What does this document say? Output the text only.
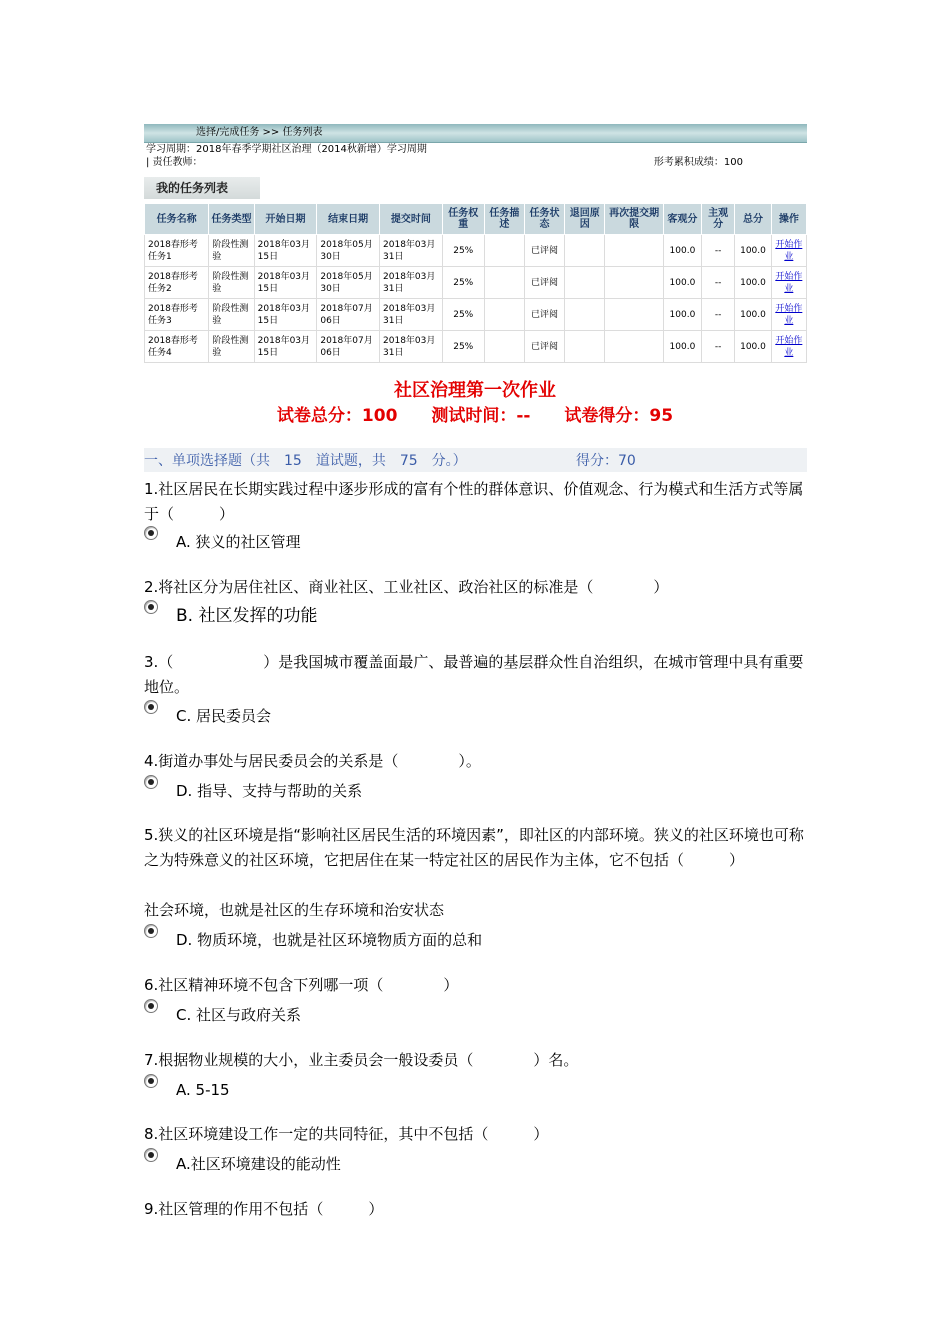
选择/完成任务 >> 任务列表
学习周期：2018年春季学期社区治理（2014秋新增）学习周期
| 责任教师：	形考累积成绩：100
我的任务列表
任务名称	任务类型	开始日期	结束日期	提交时间	任务权重	任务描述	任务状态	退回原因	再次提交期限	客观分	主观分	总分	操作
2018春形考任务1	阶段性测验	2018年03月15日	2018年05月30日	2018年03月31日	25%		已评阅			100.0	--	100.0	开始作业
2018春形考任务2	阶段性测验	2018年03月15日	2018年05月30日	2018年03月31日	25%		已评阅			100.0	--	100.0	开始作业
2018春形考任务3	阶段性测验	2018年03月15日	2018年07月06日	2018年03月31日	25%		已评阅			100.0	--	100.0	开始作业
2018春形考任务4	阶段性测验	2018年03月15日	2018年07月06日	2018年03月31日	25%		已评阅			100.0	--	100.0	开始作业
社区治理第一次作业
试卷总分：100 测试时间：-- 试卷得分：95
一、单项选择题（共　15　道试题，共　75　分。）	得分：70
1.社区居民在长期实践过程中逐步形成的富有个性的群体意识、价值观念、行为模式和生活方式等属于（　　　）
A. 狭义的社区管理
2.将社区分为居住社区、商业社区、工业社区、政治社区的标准是（　　　　）
B. 社区发挥的功能
3.（　　　　　　）是我国城市覆盖面最广、最普遍的基层群众性自治组织，在城市管理中具有重要地位。
C. 居民委员会
4.街道办事处与居民委员会的关系是（　　　　）。
D. 指导、支持与帮助的关系
5.狭义的社区环境是指“影响社区居民生活的环境因素”，即社区的内部环境。狭义的社区环境也可称之为特殊意义的社区环境，它把居住在某一特定社区的居民作为主体，它不包括（　　　）
社会环境，也就是社区的生存环境和治安状态
D. 物质环境，也就是社区环境物质方面的总和
6.社区精神环境不包含下列哪一项（　　　　）
C. 社区与政府关系
7.根据物业规模的大小，业主委员会一般设委员（　　　　）名。
A. 5-15
8.社区环境建设工作一定的共同特征，其中不包括（　　　）
A.社区环境建设的能动性
9.社区管理的作用不包括（　　　）
